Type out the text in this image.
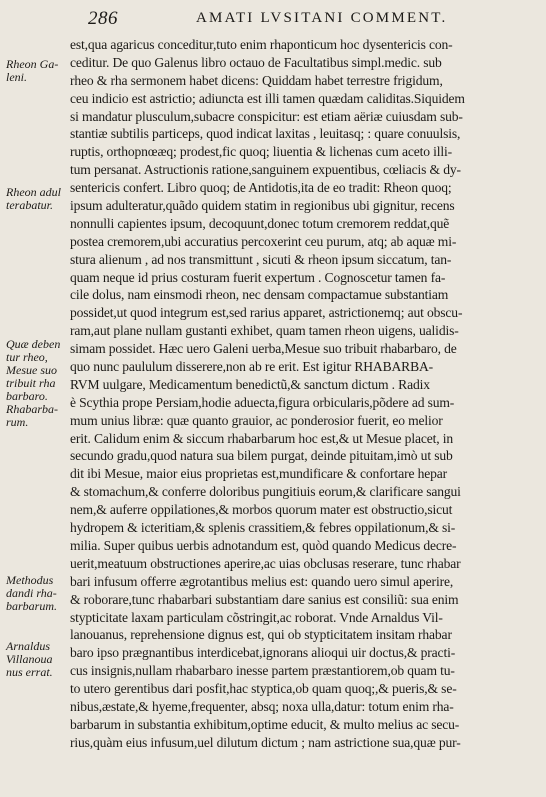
286	AMATI LVSITANI COMMENT.
Rheon Ga-
leni.
Rheon adul
terabatur.
Quæ deben
tur rheo,
Mesue suo
tribuit rha
barbaro.
Rhabarba-
rum.
Methodus
dandi rha-
barbarum.
Arnaldus
Villanoua
nus errat.
est,qua agaricus conceditur,tuto enim rhaponticum hoc dysentericis con-
ceditur. De quo Galenus libro octauo de Facultatibus simpl.medic. sub
rheo & rha sermonem habet dicens: Quiddam habet terrestre frigidum,
ceu indicio est astrictio; adiuncta est illi tamen quædam caliditas.Siquidem
si mandatur plusculum,subacre conspicitur: est etiam aëriæ cuiusdam sub-
stantiæ subtilis particeps, quod indicat laxitas , leuitasq; : quare conuulsis,
ruptis, orthopnœæq; prodest,fic quoq; liuentia & lichenas cum aceto illi-
tum persanat. Astructionis ratione,sanguinem expuentibus, cœliacis & dy-
sentericis confert. Libro quoq; de Antidotis,ita de eo tradit: Rheon quoq;
ipsum adulteratur,quãdo quidem statim in regionibus ubi gignitur, recens
nonnulli capientes ipsum, decoquunt,donec totum cremorem reddat,quẽ
postea cremorem,ubi accuratius percoxerint ceu purum, atq; ab aquæ mi-
stura alienum , ad nos transmittunt , sicuti & rheon ipsum siccatum, tan-
quam neque id prius costuram fuerit expertum . Cognoscetur tamen fa-
cile dolus, nam einsmodi rheon, nec densam compactamue substantiam
possidet,ut quod integrum est,sed rarius apparet, astrictionemq; aut obscu-
ram,aut plane nullam gustanti exhibet, quam tamen rheon uigens, ualidis-
simam possidet. Hæc uero Galeni uerba,Mesue suo tribuit rhabarbaro, de
quo nunc paululum disserere,non ab re erit. Est igitur RHABARBA-
RVM uulgare, Medicamentum benedictũ,& sanctum dictum . Radix
è Scythia prope Persiam,hodie aduecta,figura orbicularis,põdere ad sum-
mum unius libræ: quæ quanto grauior, ac ponderosior fuerit, eo melior
erit. Calidum enim & siccum rhabarbarum hoc est,& ut Mesue placet, in
secundo gradu,quod natura sua bilem purgat, deinde pituitam,imò ut sub
dit ibi Mesue, maior eius proprietas est,mundificare & confortare hepar
& stomachum,& conferre doloribus pungitiuis eorum,& clarificare sangui
nem,& auferre oppilationes,& morbos quorum mater est obstructio,sicut
hydropem & icteritiam,& splenis crassitiem,& febres oppilationum,& si-
milia. Super quibus uerbis adnotandum est, quòd quando Medicus decre-
uerit,meatuum obstructiones aperire,ac uias obclusas reserare, tunc rhabar
bari infusum offerre ægrotantibus melius est: quando uero simul aperire,
& roborare,tunc rhabarbari substantiam dare sanius est consiliũ: sua enim
stypticitate laxam particulam cõstringit,ac roborat. Vnde Arnaldus Vil-
lanouanus, reprehensione dignus est, qui ob stypticitatem insitam rhabar
baro ipso prægnantibus interdicebat,ignorans alioqui uir doctus,& practi-
cus insignis,nullam rhabarbaro inesse partem præstantiorem,ob quam tu-
to utero gerentibus dari posfit,hac styptica,ob quam quoq;,& pueris,& se-
nibus,æstate,& hyeme,frequenter, absq; noxa ulla,datur: totum enim rha-
barbarum in substantia exhibitum,optime educit, & multo melius ac secu-
rius,quàm eius infusum,uel dilutum dictum ; nam astrictione sua,quæ pur-
